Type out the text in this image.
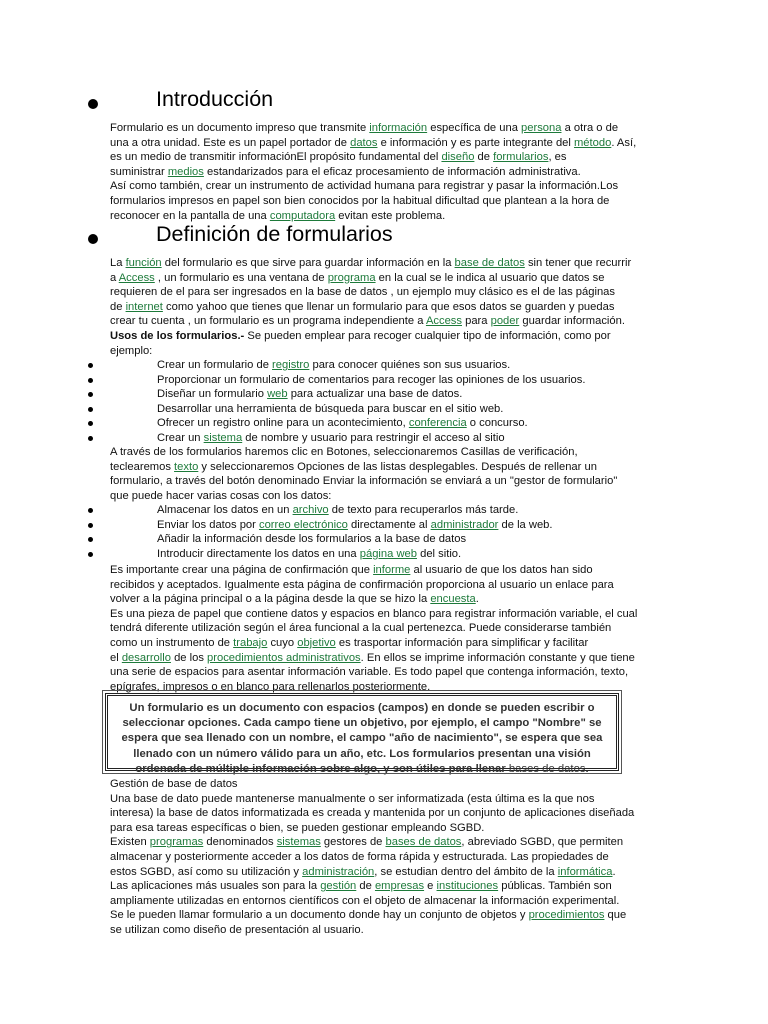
Introducción
Formulario es un documento impreso que transmite información específica de una persona a otra o de
una a otra unidad. Este es un papel portador de datos e información y es parte integrante del método. Así,
es un medio de transmitir informaciónEl propósito fundamental del diseño de formularios, es
suministrar medios estandarizados para el eficaz procesamiento de información administrativa.
Así como también, crear un instrumento de actividad humana para registrar y pasar la información.Los
formularios impresos en papel son bien conocidos por la habitual dificultad que plantean a la hora de
reconocer en la pantalla de una computadora evitan este problema.
Definición de formularios
La función del formulario es que sirve para guardar información en la base de datos sin tener que recurrir
a Access , un formulario es una ventana de programa en la cual se le indica al usuario que datos se
requieren de el para ser ingresados en la base de datos , un ejemplo muy clásico es el de las páginas
de internet como yahoo que tienes que llenar un formulario para que esos datos se guarden y puedas
crear tu cuenta , un formulario es un programa independiente a Access para poder guardar información.
Usos de los formularios.- Se pueden emplear para recoger cualquier tipo de información, como por
ejemplo:
A través de los formularios haremos clic en Botones, seleccionaremos Casillas de verificación,
teclearemos texto y seleccionaremos Opciones de las listas desplegables. Después de rellenar un
formulario, a través del botón denominado Enviar la información se enviará a un "gestor de formulario"
que puede hacer varias cosas con los datos:
Es importante crear una página de confirmación que informe al usuario de que los datos han sido
recibidos y aceptados. Igualmente esta página de confirmación proporciona al usuario un enlace para
volver a la página principal o a la página desde la que se hizo la encuesta.
Es una pieza de papel que contiene datos y espacios en blanco para registrar información variable, el cual
tendrá diferente utilización según el área funcional a la cual pertenezca. Puede considerarse también
como un instrumento de trabajo cuyo objetivo es trasportar información para simplificar y facilitar
el desarrollo de los procedimientos administrativos. En ellos se imprime información constante y que tiene
una serie de espacios para asentar información variable. Es todo papel que contenga información, texto,
epígrafes, impresos o en blanco para rellenarlos posteriormente.
Un formulario es un documento con espacios (campos) en donde se pueden escribir o seleccionar opciones. Cada campo tiene un objetivo, por ejemplo, el campo "Nombre" se espera que sea llenado con un nombre, el campo "año de nacimiento", se espera que sea llenado con un número válido para un año, etc. Los formularios presentan una visión ordenada de múltiple información sobre algo, y son útiles para llenar bases de datos.
Gestión de base de datos
Una base de dato puede mantenerse manualmente o ser informatizada (esta última es la que nos
interesa) la base de datos informatizada es creada y mantenida por un conjunto de aplicaciones diseñada
para esa tareas específicas o bien, se pueden gestionar empleando SGBD.
Existen programas denominados sistemas gestores de bases de datos, abreviado SGBD, que permiten
almacenar y posteriormente acceder a los datos de forma rápida y estructurada. Las propiedades de
estos SGBD, así como su utilización y administración, se estudian dentro del ámbito de la informática.
Las aplicaciones más usuales son para la gestión de empresas e instituciones públicas. También son
ampliamente utilizadas en entornos científicos con el objeto de almacenar la información experimental.
Se le pueden llamar formulario a un documento donde hay un conjunto de objetos y procedimientos que
se utilizan como diseño de presentación al usuario.
Crear un formulario de registro para conocer quiénes son sus usuarios.
Proporcionar un formulario de comentarios para recoger las opiniones de los usuarios.
Diseñar un formulario web para actualizar una base de datos.
Desarrollar una herramienta de búsqueda para buscar en el sitio web.
Ofrecer un registro online para un acontecimiento, conferencia o concurso.
Crear un sistema de nombre y usuario para restringir el acceso al sitio
Almacenar los datos en un archivo de texto para recuperarlos más tarde.
Enviar los datos por correo electrónico directamente al administrador de la web.
Añadir la información desde los formularios a la base de datos
Introducir directamente los datos en una página web del sitio.
